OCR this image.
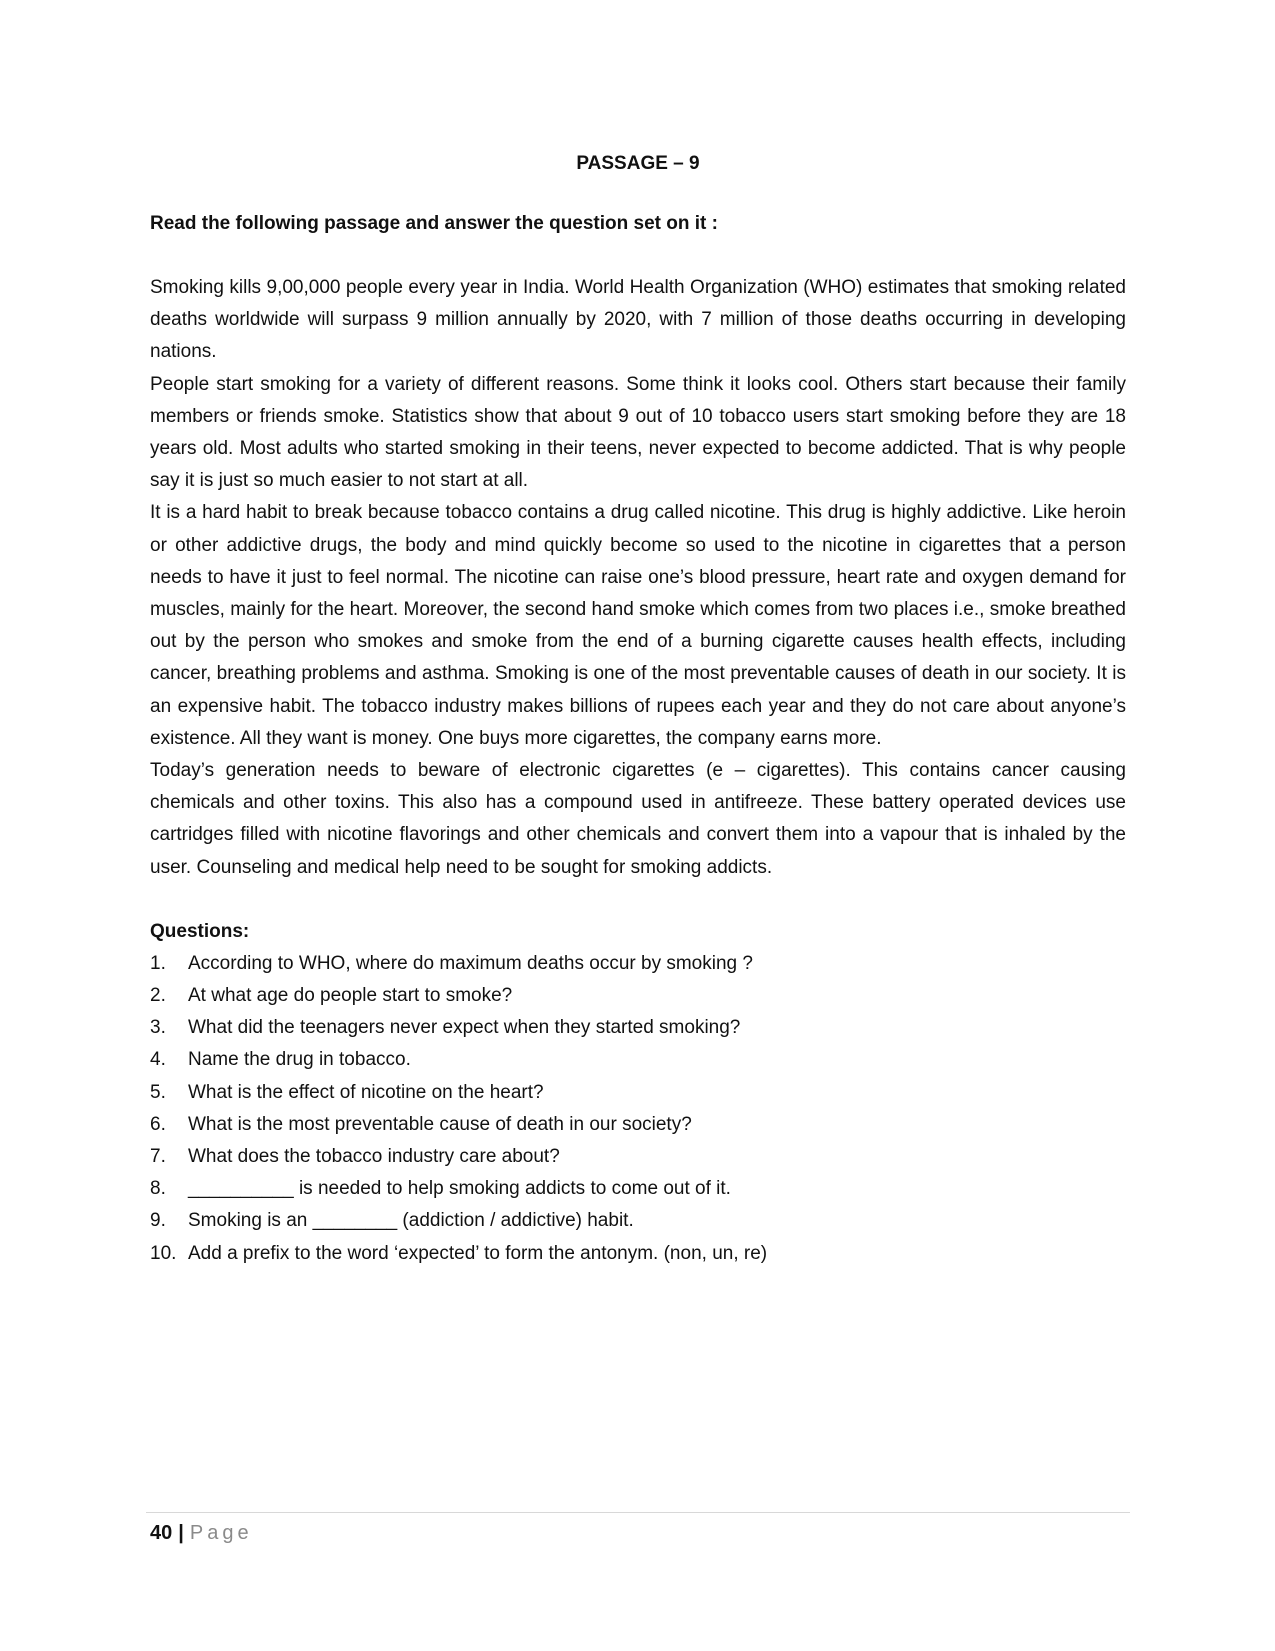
PASSAGE – 9
Read the following passage and answer the question set on it :

Smoking kills 9,00,000 people every year in India. World Health Organization (WHO) estimates that smoking related deaths worldwide will surpass 9 million annually by 2020, with 7 million of those deaths occurring in developing nations.

People start smoking for a variety of different reasons. Some think it looks cool. Others start because their family members or friends smoke. Statistics show that about 9 out of 10 tobacco users start smoking before they are 18 years old. Most adults who started smoking in their teens, never expected to become addicted. That is why people say it is just so much easier to not start at all.

It is a hard habit to break because tobacco contains a drug called nicotine. This drug is highly addictive. Like heroin or other addictive drugs, the body and mind quickly become so used to the nicotine in cigarettes that a person needs to have it just to feel normal. The nicotine can raise one’s blood pressure, heart rate and oxygen demand for muscles, mainly for the heart. Moreover, the second hand smoke which comes from two places i.e., smoke breathed out by the person who smokes and smoke from the end of a burning cigarette causes health effects, including cancer, breathing problems and asthma. Smoking is one of the most preventable causes of death in our society. It is an expensive habit. The tobacco industry makes billions of rupees each year and they do not care about anyone’s existence. All they want is money. One buys more cigarettes, the company earns more.

Today’s generation needs to beware of electronic cigarettes (e – cigarettes). This contains cancer causing chemicals and other toxins. This also has a compound used in antifreeze. These battery operated devices use cartridges filled with nicotine flavorings and other chemicals and convert them into a vapour that is inhaled by the user. Counseling and medical help need to be sought for smoking addicts.

Questions:
1.	According to WHO, where do maximum deaths occur by smoking ?
2.	At what age do people start to smoke?
3.	What did the teenagers never expect when they started smoking?
4.	Name the drug in tobacco.
5.	What is the effect of nicotine on the heart?
6.	What is the most preventable cause of death in our society?
7.	What does the tobacco industry care about?
8.	__________ is needed to help smoking addicts to come out of it.
9.	Smoking is an ________ (addiction / addictive) habit.
10. Add a prefix to the word ‘expected’ to form the antonym. (non, un, re)
40 | Page
